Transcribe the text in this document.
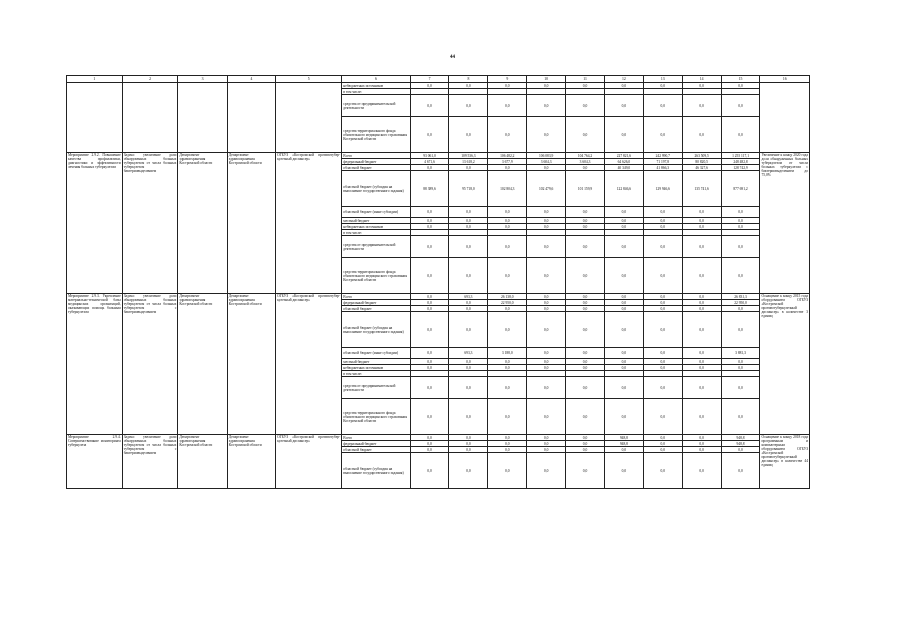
44
1	2	3	4	5	6	7	8	9	10	11	12	13	14	15	16
					небюджетных источников	0,0	0,0	0,0	0,0	0,0	0,0	0,0	0,0	0,0	
					в том числе:										
					средства от предпринимательской деятельности	0,0	0,0	0,0	0,0	0,0	0,0	0,0	0,0	0,0	
					средства территориального фонда обязательного медицинского страхования Костромской области	0,0	0,0	0,0	0,0	0,0	0,0	0,0	0,0	0,0	
Мероприятие 2.9.2. Повышение качества профилактики, диагностики и эффективности лечения больных туберкулезом	Задача: увеличение доли обнаруженных больных туберкулезом от числа больных туберкулезом бактериовыделением	Департамент здравоохранения Костромской области	Департамент здравоохранения Костромской области	ОГБУЗ «Костромской противотубер-кулезный диспансер»	Всего	93 061,0	109 536,3	106 482,2	106 083,9	104 764,2	227 821,6	242 990,7	263 509,5	1 255 117,1	Увеличение к концу 2020 года доли обнаруженных больных туберкулезом от числа больных туберкулезом с бактериовыделением до 75,0%
					федеральный бюджет	4 671,6	13 618,2	3 677,9	3 604,3	3 604,3	64 626,0	71 197,8	80 820,5	248 482,8	
					областной бюджет	0,0	0,0	0,0	0,0	0,0	40 349,0	41 866,3	46 327,6	128 742,9	
					областной бюджет (субсидия на выполнение государственного задания)	88 389,6	95 718,0	102 804,3	102 479,6	101 159,9	122 846,6	129 946,6	135 741,6	877 691,2	
					областной бюджет (иные субсидии)	0,0	0,0	0,0	0,0	0,0	0,0	0,0	0,0	0,0	
					местный бюджет	0,0	0,0	0,0	0,0	0,0	0,0	0,0	0,0	0,0	
					небюджетных источников	0,0	0,0	0,0	0,0	0,0	0,0	0,0	0,0	0,0	
					в том числе:										
					средства от предпринимательской деятельности	0,0	0,0	0,0	0,0	0,0	0,0	0,0	0,0	0,0	
					средства территориального фонда обязательного медицинского страхования Костромской области	0,0	0,0	0,0	0,0	0,0	0,0	0,0	0,0	0,0	
Мероприятие 2.9.3. Укрепление материально-технической базы медицинских организаций, оказывающих помощь больным туберкулезом	Задача: увеличение доли обнаруженных больных туберкулезом от числа больных туберкулезом с бактериовыделением	Департамент здравоохранения Костромской области	Департамент здравоохранения Костромской области	ОГБУЗ «Костромской противотубер-кулезный диспансер»	Всего	0,0	693,3	26 138,0	0,0	0,0	0,0	0,0	0,0	26 831,3	Оснащение к концу 2015 года оборудованием ОГБУЗ «Костромской противотуберкулезный диспансер» в количестве 3 единиц
					федеральный бюджет	0,0	0,0	22 950,0	0,0	0,0	0,0	0,0	0,0	22 950,0	
					областной бюджет	0,0	0,0	0,0	0,0	0,0	0,0	0,0	0,0	0,0	
					областной бюджет (субсидия на выполнение государственного задания)	0,0	0,0	0,0	0,0	0,0	0,0	0,0	0,0	0,0	
					областной бюджет (иные субсидии)	0,0	693,3	3 188,0	0,0	0,0	0,0	0,0	0,0	3 881,3	
					местный бюджет	0,0	0,0	0,0	0,0	0,0	0,0	0,0	0,0	0,0	
					небюджетных источников	0,0	0,0	0,0	0,0	0,0	0,0	0,0	0,0	0,0	
					в том числе:										
					средства от предпринимательской деятельности	0,0	0,0	0,0	0,0	0,0	0,0	0,0	0,0	0,0	
					средства территориального фонда обязательного медицинского страхования Костромской области	0,0	0,0	0,0	0,0	0,0	0,0	0,0	0,0	0,0	
Мероприятие 2.9.4. Совершенствование мониторинга туберкулеза	Задача: увеличение доли обнаруженных больных туберкулезом от числа больных туберкулезом с бактериовыделением	Департамент здравоохранения Костромской области	Департамент здравоохранения Костромской области	ОГБУЗ «Костромской противотубер-кулезный диспансер»	Всего	0,0	0,0	0,0	0,0	0,0	948,8	0,0	0,0	948,8	Оснащение к концу 2018 года программным и компьютерным оборудованием ОГБУЗ «Костромской противотуберкулезный диспансер» в количестве 44 единиц
					федеральный бюджет	0,0	0,0	0,0	0,0	0,0	948,8	0,0	0,0	948,8	
					областной бюджет	0,0	0,0	0,0	0,0	0,0	0,0	0,0	0,0	0,0	
					областной бюджет (субсидия на выполнение государственного задания)	0,0	0,0	0,0	0,0	0,0	0,0	0,0	0,0	0,0	
